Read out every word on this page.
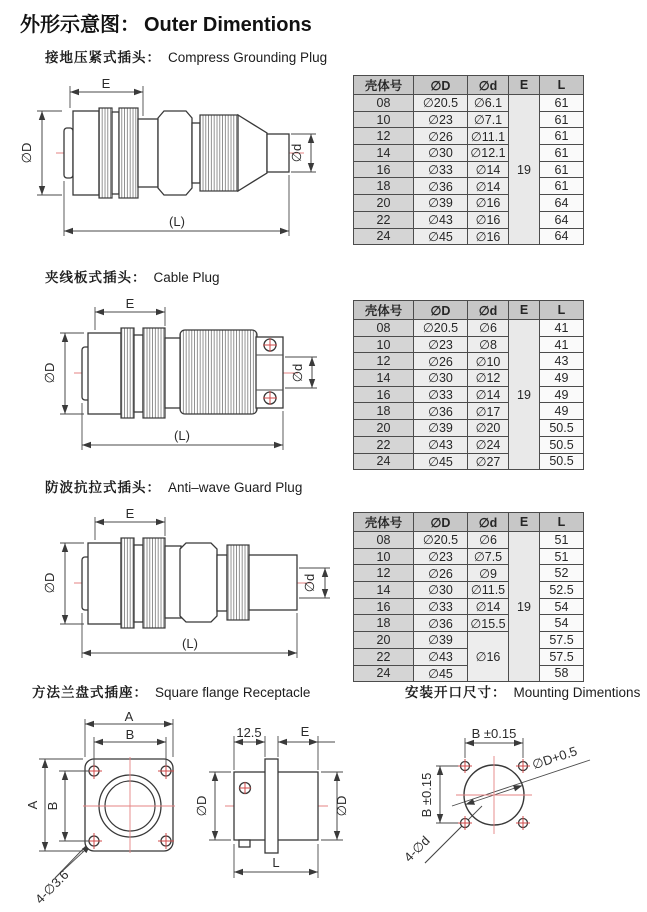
外形示意图： Outer Dimentions
接地压紧式插头： Compress Grounding Plug
E
∅D	∅d
(L)
壳体号	∅D	∅d	E	L
08	∅20.5	∅6.1	19	61
10	∅23	∅7.1		61
12	∅26	∅11.1		61
14	∅30	∅12.1		61
16	∅33	∅14		61
18	∅36	∅14		61
20	∅39	∅16		64
22	∅43	∅16		64
24	∅45	∅16		64
夹线板式插头： Cable Plug
E
∅D	∅d
(L)
壳体号	∅D	∅d	E	L
08	∅20.5	∅6	19	41
10	∅23	∅8		41
12	∅26	∅10		43
14	∅30	∅12		49
16	∅33	∅14		49
18	∅36	∅17		49
20	∅39	∅20		50.5
22	∅43	∅24		50.5
24	∅45	∅27		50.5
防波抗拉式插头： Anti–wave Guard Plug
E
∅D	∅d
(L)
壳体号	∅D	∅d	E	L
08	∅20.5	∅6	19	51
10	∅23	∅7.5		51
12	∅26	∅9		52
14	∅30	∅11.5		52.5
16	∅33	∅14		54
18	∅36	∅15.5		54
20	∅39	∅16		57.5
22	∅43			57.5
24	∅45			58
方法兰盘式插座： Square flange Receptacle	安装开口尺寸： Mounting Dimentions
A
B
A B
4-∅3.6
12.5	E
∅D	∅D
L
B ±0.15
B ±0.15
∅D+0.5
4-∅d
